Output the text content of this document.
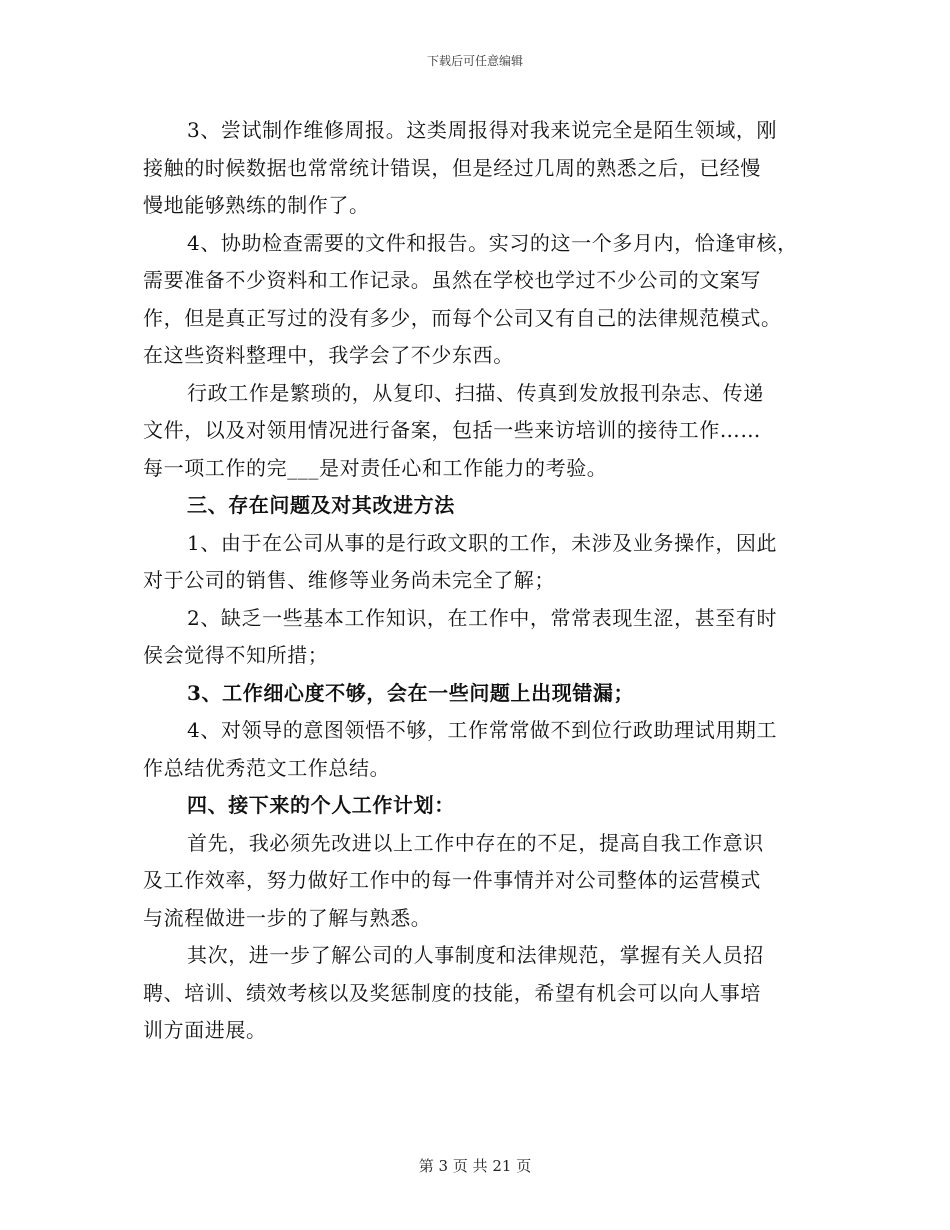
下载后可任意编辑
3、尝试制作维修周报。这类周报得对我来说完全是陌生领域，刚
接触的时候数据也常常统计错误，但是经过几周的熟悉之后，已经慢
慢地能够熟练的制作了。
4、协助检查需要的文件和报告。实习的这一个多月内，恰逢审核，
需要准备不少资料和工作记录。虽然在学校也学过不少公司的文案写
作，但是真正写过的没有多少，而每个公司又有自己的法律规范模式。
在这些资料整理中，我学会了不少东西。
行政工作是繁琐的，从复印、扫描、传真到发放报刊杂志、传递
文件，以及对领用情况进行备案，包括一些来访培训的接待工作……
每一项工作的完___是对责任心和工作能力的考验。
三、存在问题及对其改进方法
1、由于在公司从事的是行政文职的工作，未涉及业务操作，因此
对于公司的销售、维修等业务尚未完全了解；
2、缺乏一些基本工作知识，在工作中，常常表现生涩，甚至有时
侯会觉得不知所措；
3、工作细心度不够，会在一些问题上出现错漏；
4、对领导的意图领悟不够，工作常常做不到位行政助理试用期工
作总结优秀范文工作总结。
四、接下来的个人工作计划：
首先，我必须先改进以上工作中存在的不足，提高自我工作意识
及工作效率，努力做好工作中的每一件事情并对公司整体的运营模式
与流程做进一步的了解与熟悉。
其次，进一步了解公司的人事制度和法律规范，掌握有关人员招
聘、培训、绩效考核以及奖惩制度的技能，希望有机会可以向人事培
训方面进展。
第 3 页 共 21 页
